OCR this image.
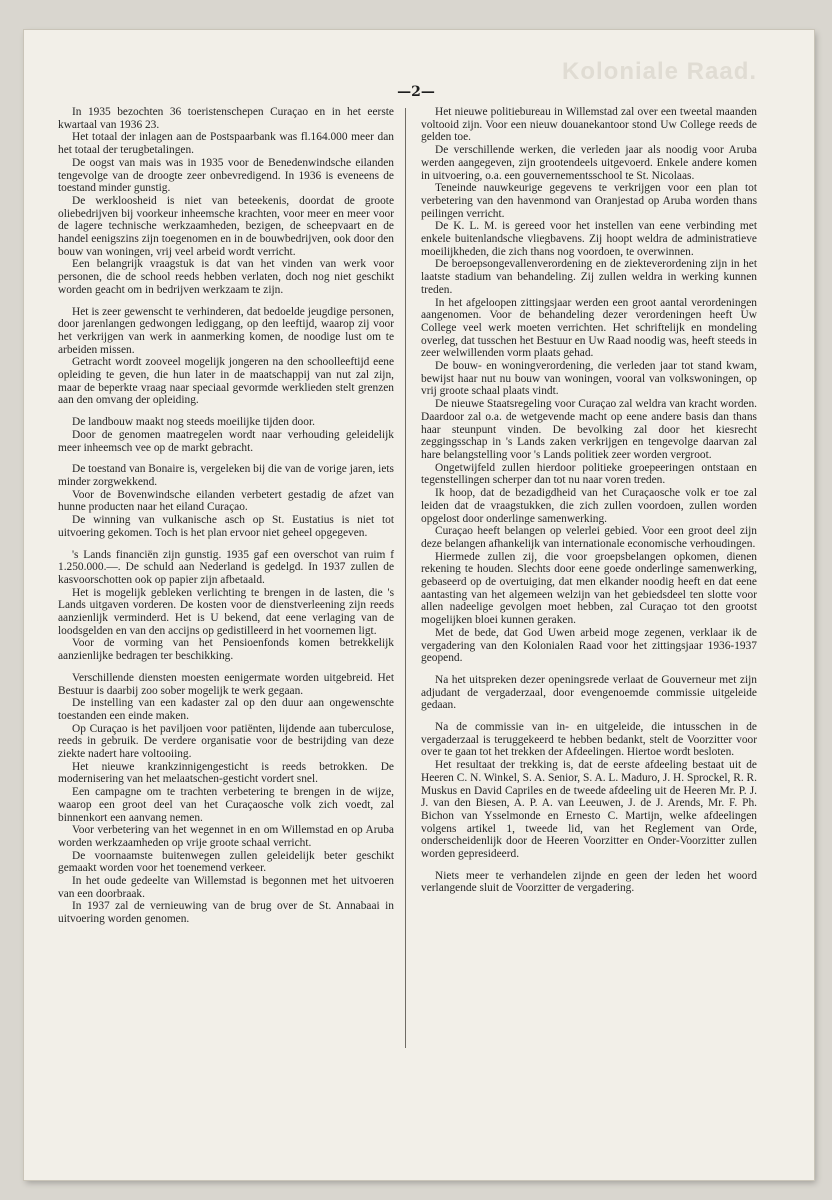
Koloniale Raad.
—2—

In 1935 bezochten 36 toeristenschepen Curaçao en in het eerste kwartaal van 1936 23.

Het totaal der inlagen aan de Postspaarbank was fl.164.000 meer dan het totaal der terugbetalingen.

De oogst van mais was in 1935 voor de Benedenwindsche eilanden tengevolge van de droogte zeer onbevredigend. In 1936 is eveneens de toestand minder gunstig.

De werkloosheid is niet van beteekenis, doordat de groote oliebedrijven bij voorkeur inheemsche krachten, voor meer en meer voor de lagere technische werkzaamheden, bezigen, de scheepvaart en de handel eenigszins zijn toegenomen en in de bouwbedrijven, ook door den bouw van woningen, vrij veel arbeid wordt verricht.

Een belangrijk vraagstuk is dat van het vinden van werk voor personen, die de school reeds hebben verlaten, doch nog niet geschikt worden geacht om in bedrijven werkzaam te zijn.

Het is zeer gewenscht te verhinderen, dat bedoelde jeugdige personen, door jarenlangen gedwongen lediggang, op den leeftijd, waarop zij voor het verkrijgen van werk in aanmerking komen, de noodige lust om te arbeiden missen.

Getracht wordt zooveel mogelijk jongeren na den schoolleeftijd eene opleiding te geven, die hun later in de maatschappij van nut zal zijn, maar de beperkte vraag naar speciaal gevormde werklieden stelt grenzen aan den omvang der opleiding.

De landbouw maakt nog steeds moeilijke tijden door.

Door de genomen maatregelen wordt naar verhouding geleidelijk meer inheemsch vee op de markt gebracht.

De toestand van Bonaire is, vergeleken bij die van de vorige jaren, iets minder zorgwekkend.

Voor de Bovenwindsche eilanden verbetert gestadig de afzet van hunne producten naar het eiland Curaçao.

De winning van vulkanische asch op St. Eustatius is niet tot uitvoering gekomen. Toch is het plan ervoor niet geheel opgegeven.

's Lands financiën zijn gunstig. 1935 gaf een overschot van ruim f 1.250.000.—. De schuld aan Nederland is gedelgd. In 1937 zullen de kasvoorschotten ook op papier zijn afbetaald.

Het is mogelijk gebleken verlichting te brengen in de lasten, die 's Lands uitgaven vorderen. De kosten voor de dienstverleening zijn reeds aanzienlijk verminderd. Het is U bekend, dat eene verlaging van de loodsgelden en van den accijns op gedistilleerd in het voornemen ligt.

Voor de vorming van het Pensioenfonds komen betrekkelijk aanzienlijke bedragen ter beschikking.

Verschillende diensten moesten eenigermate worden uitgebreid. Het Bestuur is daarbij zoo sober mogelijk te werk gegaan.

De instelling van een kadaster zal op den duur aan ongewenschte toestanden een einde maken.

Op Curaçao is het paviljoen voor patiënten, lijdende aan tuberculose, reeds in gebruik. De verdere organisatie voor de bestrijding van deze ziekte nadert hare voltooiing.

Het nieuwe krankzinnigengesticht is reeds betrokken. De modernisering van het melaatschen-gesticht vordert snel.

Een campagne om te trachten verbetering te brengen in de wijze, waarop een groot deel van het Curaçaosche volk zich voedt, zal binnenkort een aanvang nemen.

Voor verbetering van het wegennet in en om Willemstad en op Aruba worden werkzaamheden op vrije groote schaal verricht.

De voornaamste buitenwegen zullen geleidelijk beter geschikt gemaakt worden voor het toenemend verkeer.

In het oude gedeelte van Willemstad is begonnen met het uitvoeren van een doorbraak.

In 1937 zal de vernieuwing van de brug over de St. Annabaai in uitvoering worden genomen.

Het nieuwe politiebureau in Willemstad zal over een tweetal maanden voltooid zijn. Voor een nieuw douanekantoor stond Uw College reeds de gelden toe.

De verschillende werken, die verleden jaar als noodig voor Aruba werden aangegeven, zijn grootendeels uitgevoerd. Enkele andere komen in uitvoering, o.a. een gouvernementsschool te St. Nicolaas.

Teneinde nauwkeurige gegevens te verkrijgen voor een plan tot verbetering van den havenmond van Oranjestad op Aruba worden thans peilingen verricht.

De K. L. M. is gereed voor het instellen van eene verbinding met enkele buitenlandsche vliegbavens. Zij hoopt weldra de administratieve moeilijkheden, die zich thans nog voordoen, te overwinnen.

De beroepsongevallenverordening en de ziekteverordening zijn in het laatste stadium van behandeling. Zij zullen weldra in werking kunnen treden.

In het afgeloopen zittingsjaar werden een groot aantal verordeningen aangenomen. Voor de behandeling dezer verordeningen heeft Uw College veel werk moeten verrichten. Het schriftelijk en mondeling overleg, dat tusschen het Bestuur en Uw Raad noodig was, heeft steeds in zeer welwillenden vorm plaats gehad.

De bouw- en woningverordening, die verleden jaar tot stand kwam, bewijst haar nut nu bouw van woningen, vooral van volkswoningen, op vrij groote schaal plaats vindt.

De nieuwe Staatsregeling voor Curaçao zal weldra van kracht worden. Daardoor zal o.a. de wetgevende macht op eene andere basis dan thans haar steunpunt vinden. De bevolking zal door het kiesrecht zeggingsschap in 's Lands zaken verkrijgen en tengevolge daarvan zal hare belangstelling voor 's Lands politiek zeer worden vergroot.

Ongetwijfeld zullen hierdoor politieke groepeeringen ontstaan en tegenstellingen scherper dan tot nu naar voren treden.

Ik hoop, dat de bezadigdheid van het Curaçaosche volk er toe zal leiden dat de vraagstukken, die zich zullen voordoen, zullen worden opgelost door onderlinge samenwerking.

Curaçao heeft belangen op velerlei gebied. Voor een groot deel zijn deze belangen afhankelijk van internationale economische verhoudingen.

Hiermede zullen zij, die voor groepsbelangen opkomen, dienen rekening te houden. Slechts door eene goede onderlinge samenwerking, gebaseerd op de overtuiging, dat men elkander noodig heeft en dat eene aantasting van het algemeen welzijn van het gebiedsdeel ten slotte voor allen nadeelige gevolgen moet hebben, zal Curaçao tot den grootst mogelijken bloei kunnen geraken.

Met de bede, dat God Uwen arbeid moge zegenen, verklaar ik de vergadering van den Kolonialen Raad voor het zittingsjaar 1936-1937 geopend.

Na het uitspreken dezer openingsrede verlaat de Gouverneur met zijn adjudant de vergaderzaal, door evengenoemde commissie uitgeleide gedaan.

Na de commissie van in- en uitgeleide, die intusschen in de vergaderzaal is teruggekeerd te hebben bedankt, stelt de Voorzitter voor over te gaan tot het trekken der Afdeelingen. Hiertoe wordt besloten.

Het resultaat der trekking is, dat de eerste afdeeling bestaat uit de Heeren C. N. Winkel, S. A. Senior, S. A. L. Maduro, J. H. Sprockel, R. R. Muskus en David Capriles en de tweede afdeeling uit de Heeren Mr. P. J. J. van den Biesen, A. P. A. van Leeuwen, J. de J. Arends, Mr. F. Ph. Bichon van Ysselmonde en Ernesto C. Martijn, welke afdeelingen volgens artikel 1, tweede lid, van het Reglement van Orde, onderscheidenlijk door de Heeren Voorzitter en Onder-Voorzitter zullen worden gepresideerd.

Niets meer te verhandelen zijnde en geen der leden het woord verlangende sluit de Voorzitter de vergadering.
